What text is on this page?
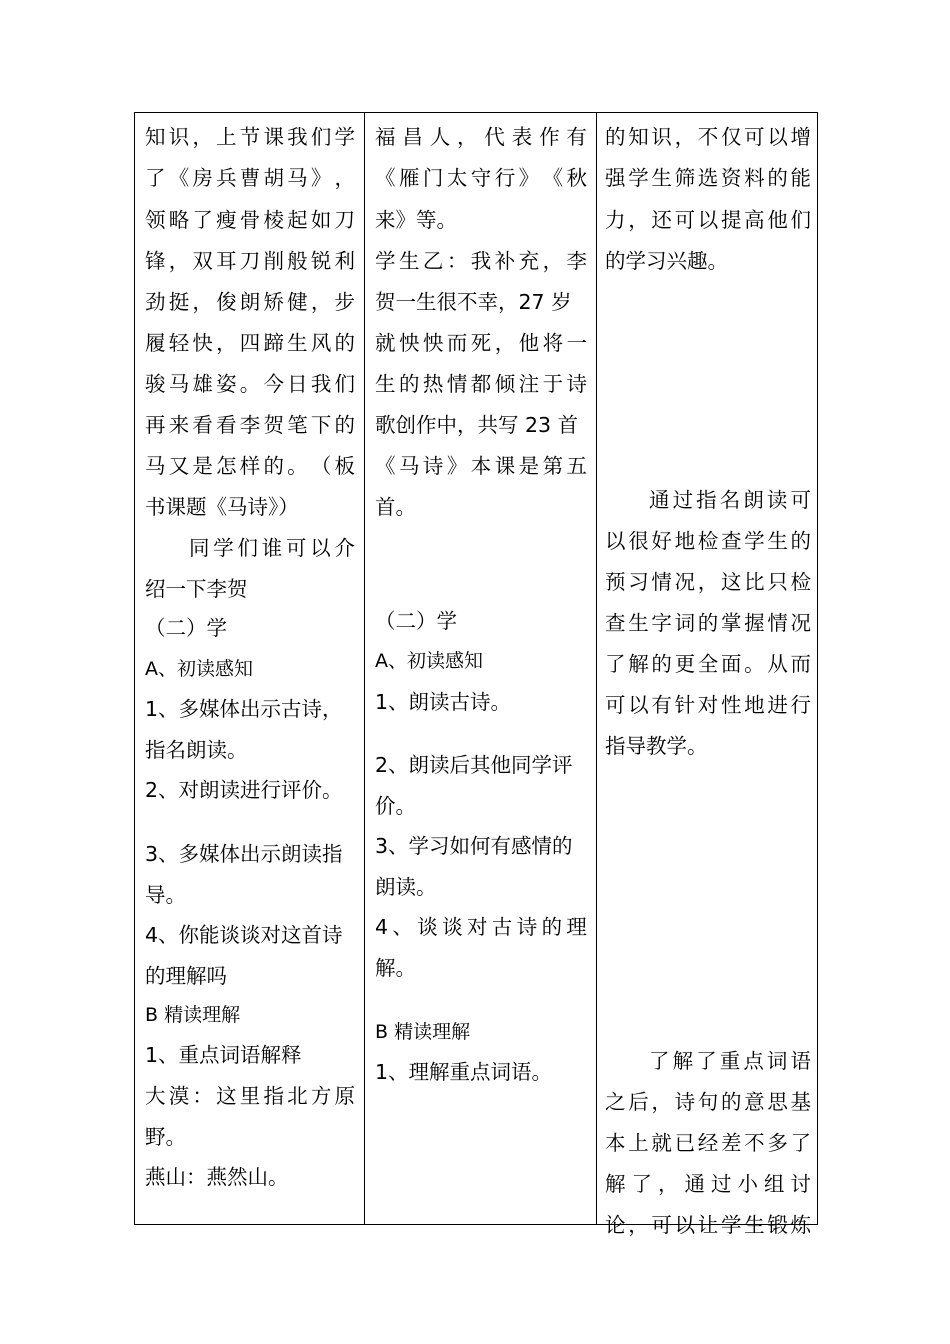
知 识 ， 上 节 课 我 们 学
了 《 房 兵 曹 胡 马 》 ，
领 略 了 瘦 骨 棱 起 如 刀
锋 ， 双 耳 刀 削 般 锐 利
劲 挺 ， 俊 朗 矫 健 ， 步
履 轻 快 ， 四 蹄 生 风 的
骏 马 雄 姿 。 今 日 我 们
再 来 看 看 李 贺 笔 下 的
马 又 是 怎 样 的 。 （ 板
书课题《马诗》）
同 学 们 谁 可 以 介
绍一下李贺
（二）学
A、初读感知
1、多媒体出示古诗，
指名朗读。
2、对朗读进行评价。
3、多媒体出示朗读指
导。
4、你能谈谈对这首诗
的理解吗
B 精读理解
1、重点词语解释
大 漠 ： 这 里 指 北 方 原
野。
燕山：燕然山。
福 昌 人 ， 代 表 作 有
《 雁 门 太 守 行 》 《 秋
来》等。
学 生 乙 ： 我 补 充 ， 李
贺一生很不幸，27 岁
就 怏 怏 而 死 ， 他 将 一
生 的 热 情 都 倾 注 于 诗
歌创作中，共写 23 首
《 马 诗 》 本 课 是 第 五
首。
（二）学
A、初读感知
1、朗读古诗。
2、朗读后其他同学评
价。
3、学习如何有感情的
朗读。
4 、 谈 谈 对 古 诗 的 理
解。
B 精读理解
1、理解重点词语。
的 知 识 ， 不 仅 可 以 增
强 学 生 筛 选 资 料 的 能
力 ， 还 可 以 提 高 他 们
的学习兴趣。
通 过 指 名 朗 读 可
以 很 好 地 检 查 学 生 的
预 习 情 况 ， 这 比 只 检
查 生 字 词 的 掌 握 情 况
了 解 的 更 全 面 。 从 而
可 以 有 针 对 性 地 进 行
指导教学。
了 解 了 重 点 词 语
之 后 ， 诗 句 的 意 思 基
本 上 就 已 经 差 不 多 了
解 了 ， 通 过 小 组 讨
论 ， 可 以 让 学 生 锻 炼
